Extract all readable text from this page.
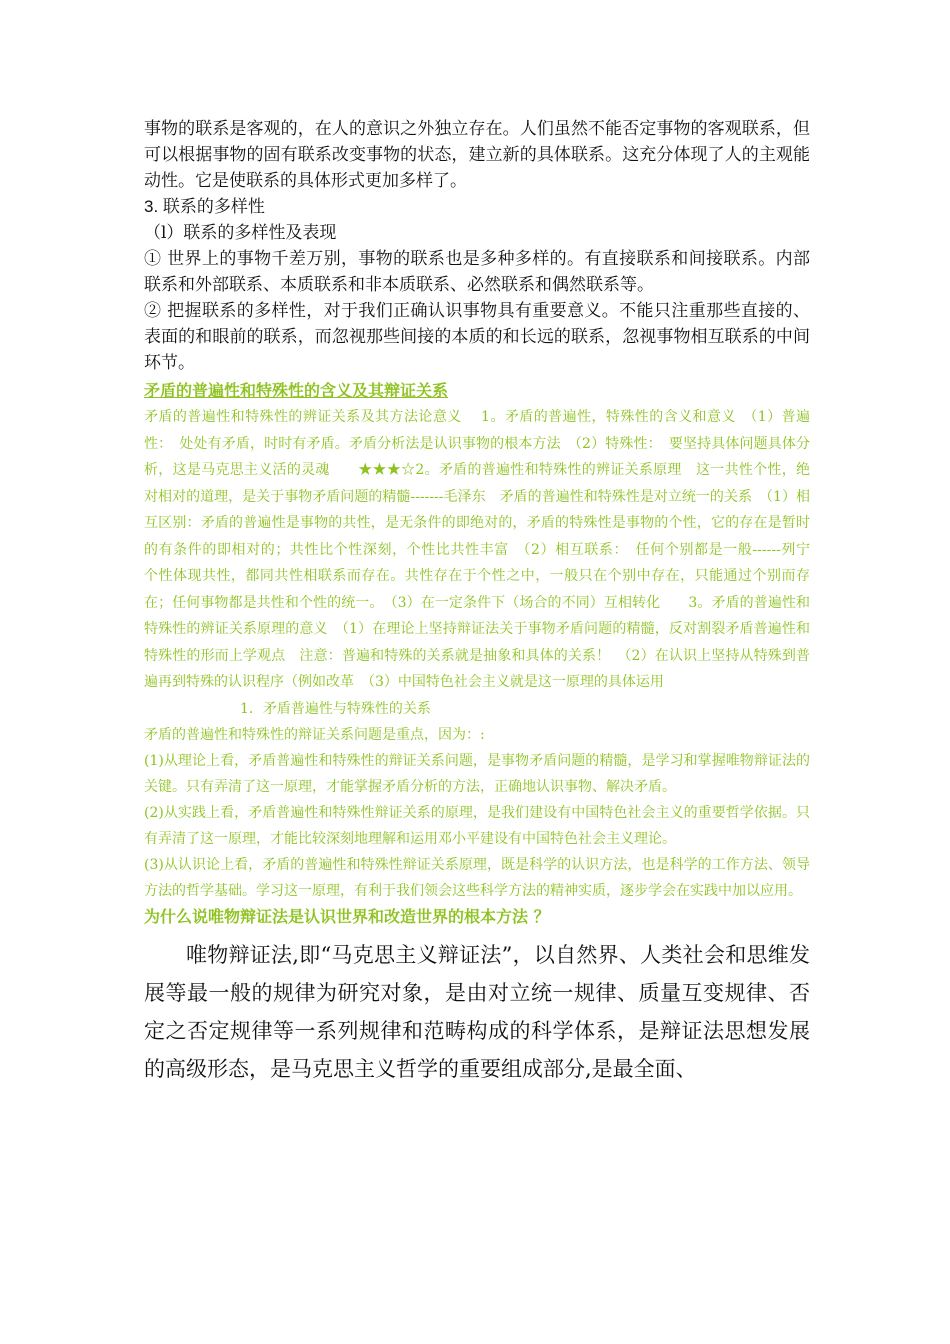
事物的联系是客观的，在人的意识之外独立存在。人们虽然不能否定事物的客观联系，但可以根据事物的固有联系改变事物的状态，建立新的具体联系。这充分体现了人的主观能动性。它是使联系的具体形式更加多样了。

3. 联系的多样性

（l）联系的多样性及表现

① 世界上的事物千差万别，事物的联系也是多种多样的。有直接联系和间接联系。内部联系和外部联系、本质联系和非本质联系、必然联系和偶然联系等。

② 把握联系的多样性，对于我们正确认识事物具有重要意义。不能只注重那些直接的、表面的和眼前的联系，而忽视那些间接的本质的和长远的联系，忽视事物相互联系的中间环节。

矛盾的普遍性和特殊性的含义及其辩证关系

矛盾的普遍性和特殊性的辨证关系及其方法论意义　 1。矛盾的普遍性，特殊性的含义和意义　（1）普遍性：　处处有矛盾，时时有矛盾。矛盾分析法是认识事物的根本方法　（2）特殊性：　要坚持具体问题具体分析，这是马克思主义活的灵魂　　★★★☆2。矛盾的普遍性和特殊性的辨证关系原理　这一共性个性，绝对相对的道理，是关于事物矛盾问题的精髓-------毛泽东　矛盾的普遍性和特殊性是对立统一的关系　（1）相互区别：矛盾的普遍性是事物的共性，是无条件的即绝对的，矛盾的特殊性是事物的个性，它的存在是暂时的有条件的即相对的；共性比个性深刻，个性比共性丰富　（2）相互联系：　任何个别都是一般------列宁　个性体现共性，都同共性相联系而存在。共性存在于个性之中，一般只在个别中存在，只能通过个别而存在；任何事物都是共性和个性的统一。　（3）在一定条件下（场合的不同）互相转化　　3。矛盾的普遍性和特殊性的辨证关系原理的意义　（1）在理论上坚持辩证法关于事物矛盾问题的精髓，反对割裂矛盾普遍性和特殊性的形而上学观点　注意：普遍和特殊的关系就是抽象和具体的关系！　（2）在认识上坚持从特殊到普遍再到特殊的认识程序（例如改革　（3）中国特色社会主义就是这一原理的具体运用

1．矛盾普遍性与特殊性的关系

矛盾的普遍性和特殊性的辩证关系问题是重点，因为：:

(1)从理论上看，矛盾普遍性和特殊性的辩证关系问题，是事物矛盾问题的精髓，是学习和掌握唯物辩证法的关键。只有弄清了这一原理，才能掌握矛盾分析的方法，正确地认识事物、解决矛盾。

(2)从实践上看，矛盾普遍性和特殊性辩证关系的原理，是我们建设有中国特色社会主义的重要哲学依据。只有弄清了这一原理，才能比较深刻地理解和运用邓小平建设有中国特色社会主义理论。

(3)从认识论上看，矛盾的普遍性和特殊性辩证关系原理，既是科学的认识方法，也是科学的工作方法、领导方法的哲学基础。学习这一原理，有利于我们领会这些科学方法的精神实质，逐步学会在实践中加以应用。

为什么说唯物辩证法是认识世界和改造世界的根本方法 ？

唯物辩证法,即“马克思主义辩证法”，以自然界、人类社会和思维发展等最一般的规律为研究对象，是由对立统一规律、质量互变规律、否定之否定规律等一系列规律和范畴构成的科学体系，是辩证法思想发展的高级形态，是马克思主义哲学的重要组成部分,是最全面、
